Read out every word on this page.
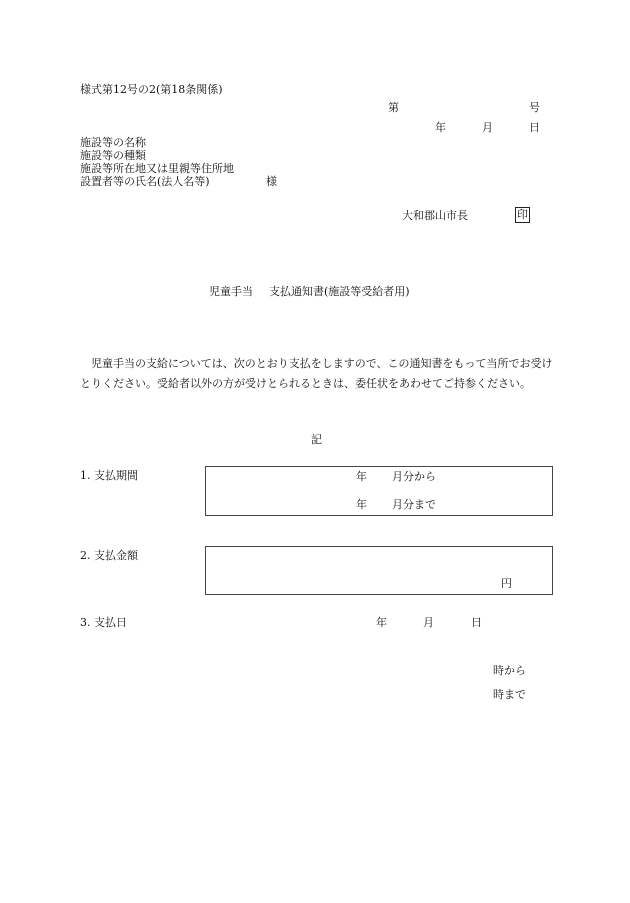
様式第12号の2(第18条関係)
第	号
年	月	日
施設等の名称
施設等の種類
施設等所在地又は里親等住所地
設置者等の氏名(法人名等)	様
大和郡山市長	印
児童手当 支払通知書(施設等受給者用)
児童手当の支給については、次のとおり支払をしますので、この通知書をもって当所でお受けとりください。受給者以外の方が受けとられるときは、委任状をあわせてご持参ください。
記
1. 支払期間	年 月分から
年 月分まで
2. 支払金額
円
3. 支払日	年	月	日
時から
時まで
